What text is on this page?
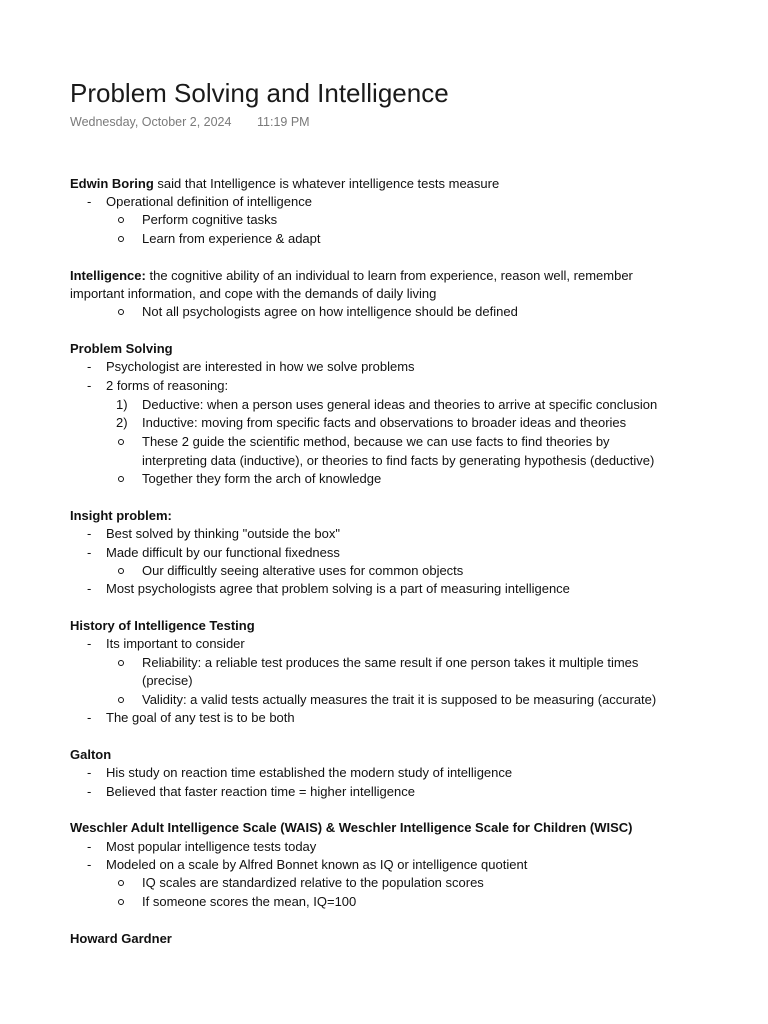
Problem Solving and Intelligence
Wednesday, October 2, 2024 11:19 PM
Edwin Boring said that Intelligence is whatever intelligence tests measure
- Operational definition of intelligence
Perform cognitive tasks
Learn from experience & adapt
Intelligence: the cognitive ability of an individual to learn from experience, reason well, remember
important information, and cope with the demands of daily living
Not all psychologists agree on how intelligence should be defined
Problem Solving
- Psychologist are interested in how we solve problems
- 2 forms of reasoning:
1) Deductive: when a person uses general ideas and theories to arrive at specific conclusion
2) Inductive: moving from specific facts and observations to broader ideas and theories
These 2 guide the scientific method, because we can use facts to find theories by
interpreting data (inductive), or theories to find facts by generating hypothesis (deductive)
Together they form the arch of knowledge
Insight problem:
- Best solved by thinking "outside the box"
- Made difficult by our functional fixedness
Our difficultly seeing alterative uses for common objects
- Most psychologists agree that problem solving is a part of measuring intelligence
History of Intelligence Testing
- Its important to consider
Reliability: a reliable test produces the same result if one person takes it multiple times
(precise)
Validity: a valid tests actually measures the trait it is supposed to be measuring (accurate)
- The goal of any test is to be both
Galton
- His study on reaction time established the modern study of intelligence
- Believed that faster reaction time = higher intelligence
Weschler Adult Intelligence Scale (WAIS) & Weschler Intelligence Scale for Children (WISC)
- Most popular intelligence tests today
- Modeled on a scale by Alfred Bonnet known as IQ or intelligence quotient
IQ scales are standardized relative to the population scores
If someone scores the mean, IQ=100
Howard Gardner
